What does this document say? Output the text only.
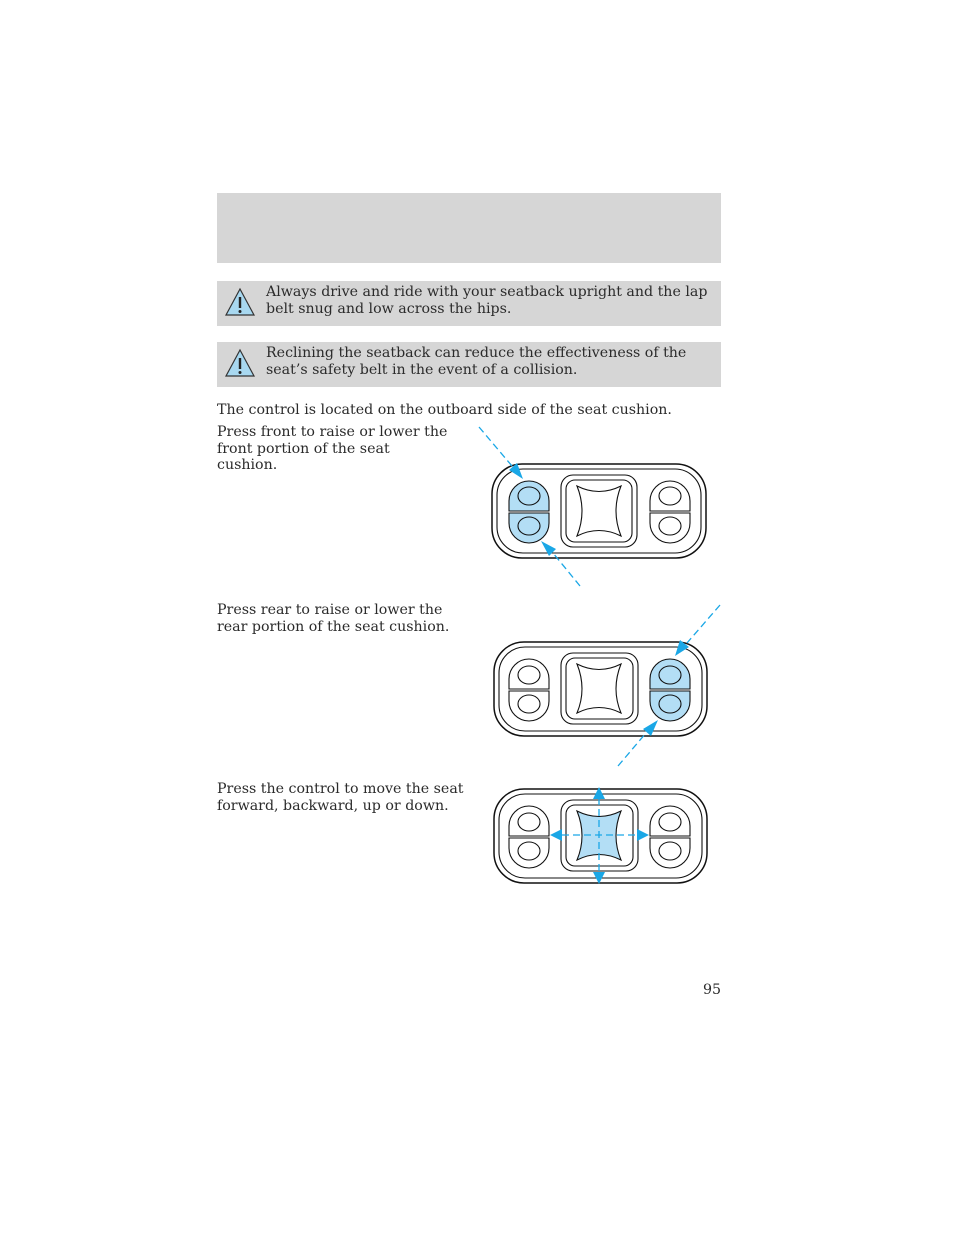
Always drive and ride with your seatback upright and the lap belt snug and low across the hips.
Reclining the seatback can reduce the effectiveness of the seat’s safety belt in the event of a collision.
The control is located on the outboard side of the seat cushion.
Press front to raise or lower the front portion of the seat cushion.
Press rear to raise or lower the rear portion of the seat cushion.
Press the control to move the seat forward, backward, up or down.
95
